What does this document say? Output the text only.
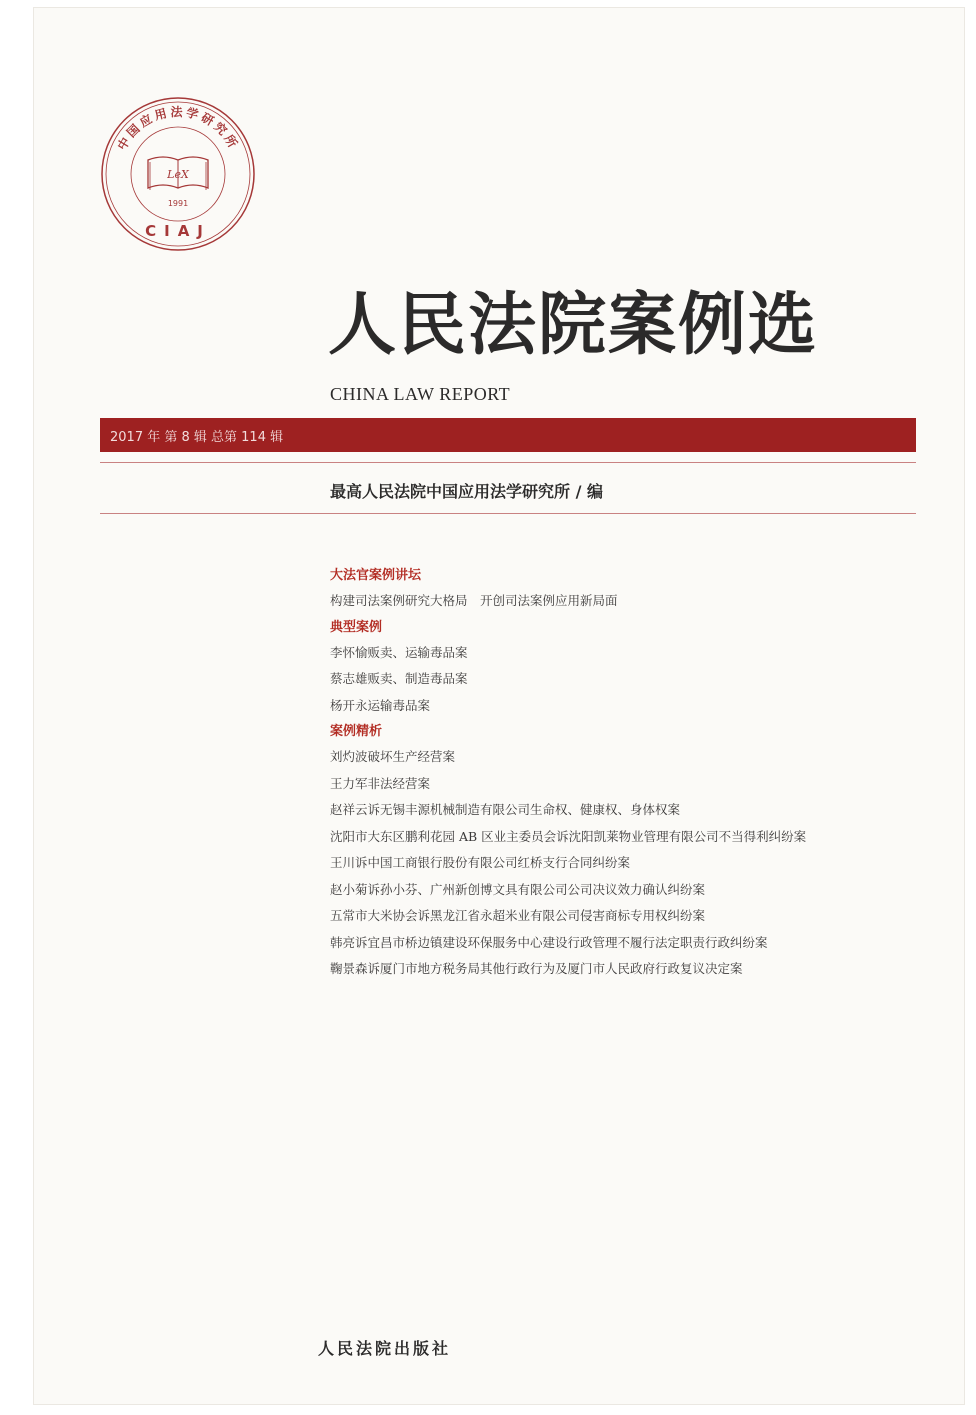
中国应用法学研究所
LeX
1991
CIAJ
人民法院案例选
CHINA LAW REPORT
2017 年 第 8 辑 总第 114 辑
最高人民法院中国应用法学研究所 / 编
大法官案例讲坛
构建司法案例研究大格局　开创司法案例应用新局面
典型案例
李怀愉贩卖、运输毒品案
蔡志雄贩卖、制造毒品案
杨开永运输毒品案
案例精析
刘灼波破坏生产经营案
王力军非法经营案
赵祥云诉无锡丰源机械制造有限公司生命权、健康权、身体权案
沈阳市大东区鹏利花园 AB 区业主委员会诉沈阳凯莱物业管理有限公司不当得利纠纷案
王川诉中国工商银行股份有限公司红桥支行合同纠纷案
赵小菊诉孙小芬、广州新创博文具有限公司公司决议效力确认纠纷案
五常市大米协会诉黑龙江省永超米业有限公司侵害商标专用权纠纷案
韩亮诉宜昌市桥边镇建设环保服务中心建设行政管理不履行法定职责行政纠纷案
鞠景森诉厦门市地方税务局其他行政行为及厦门市人民政府行政复议决定案
人民法院出版社
